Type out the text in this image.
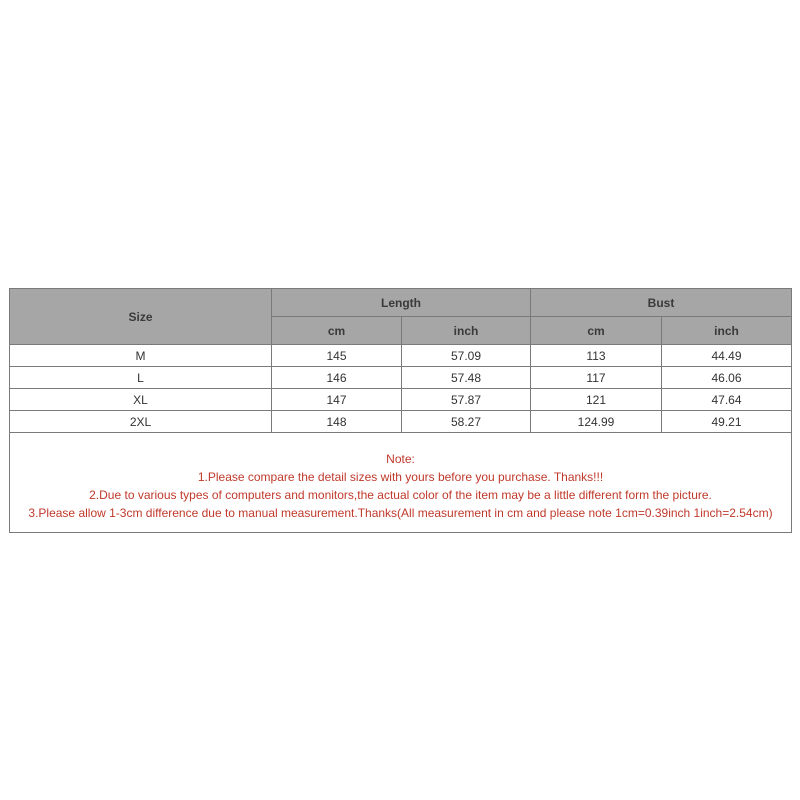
Size	Length		Bust	
	cm	inch	cm	inch
M	145	57.09	113	44.49
L	146	57.48	117	46.06
XL	147	57.87	121	47.64
2XL	148	58.27	124.99	49.21

Note:
1.Please compare the detail sizes with yours before you purchase. Thanks!!!
2.Due to various types of computers and monitors,the actual color of the item may be a little different form the picture.
3.Please allow 1-3cm difference due to manual measurement.Thanks(All measurement in cm and please note 1cm=0.39inch 1inch=2.54cm)				
